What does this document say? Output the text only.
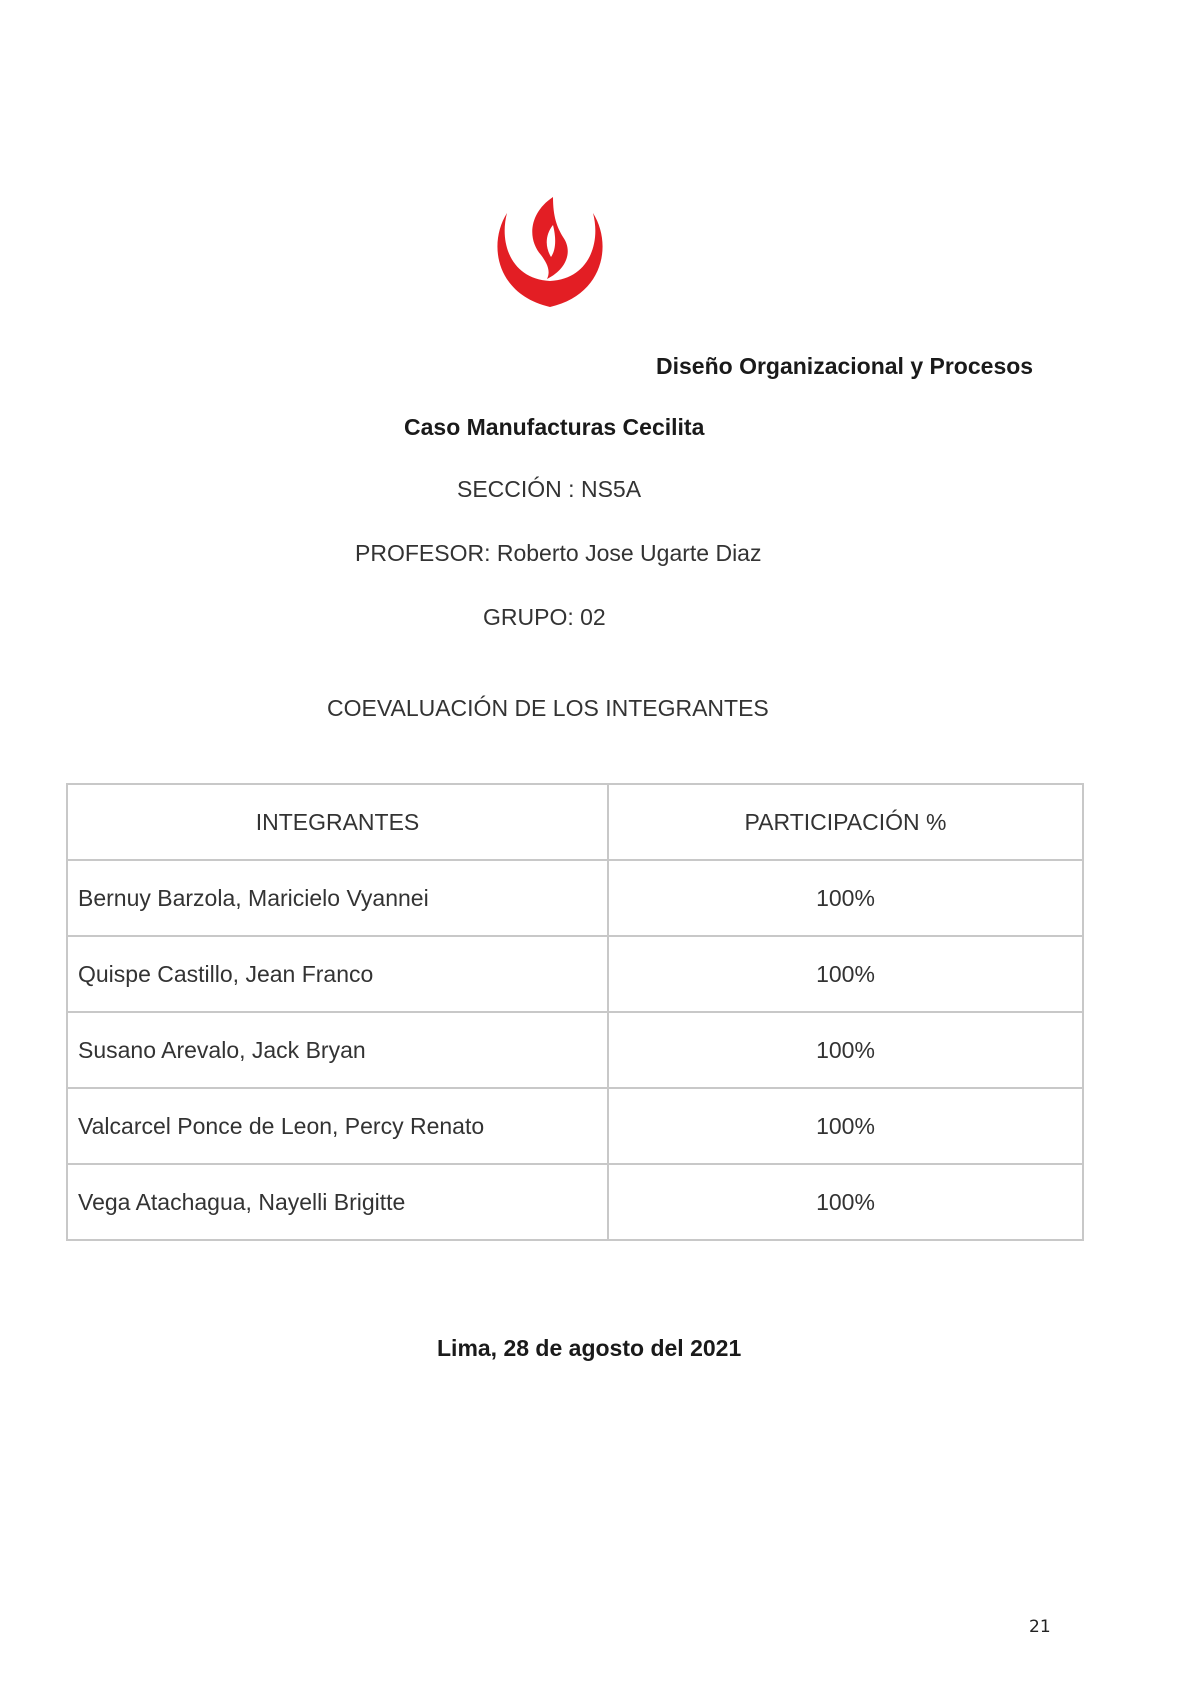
Diseño Organizacional y Procesos
Caso Manufacturas Cecilita
SECCIÓN : NS5A
PROFESOR: Roberto Jose Ugarte Diaz
GRUPO: 02
COEVALUACIÓN DE LOS INTEGRANTES
INTEGRANTES	PARTICIPACIÓN %
Bernuy Barzola, Maricielo Vyannei	100%
Quispe Castillo, Jean Franco	100%
Susano Arevalo, Jack Bryan	100%
Valcarcel Ponce de Leon, Percy Renato	100%
Vega Atachagua, Nayelli Brigitte	100%
Lima, 28 de agosto del 2021
21
